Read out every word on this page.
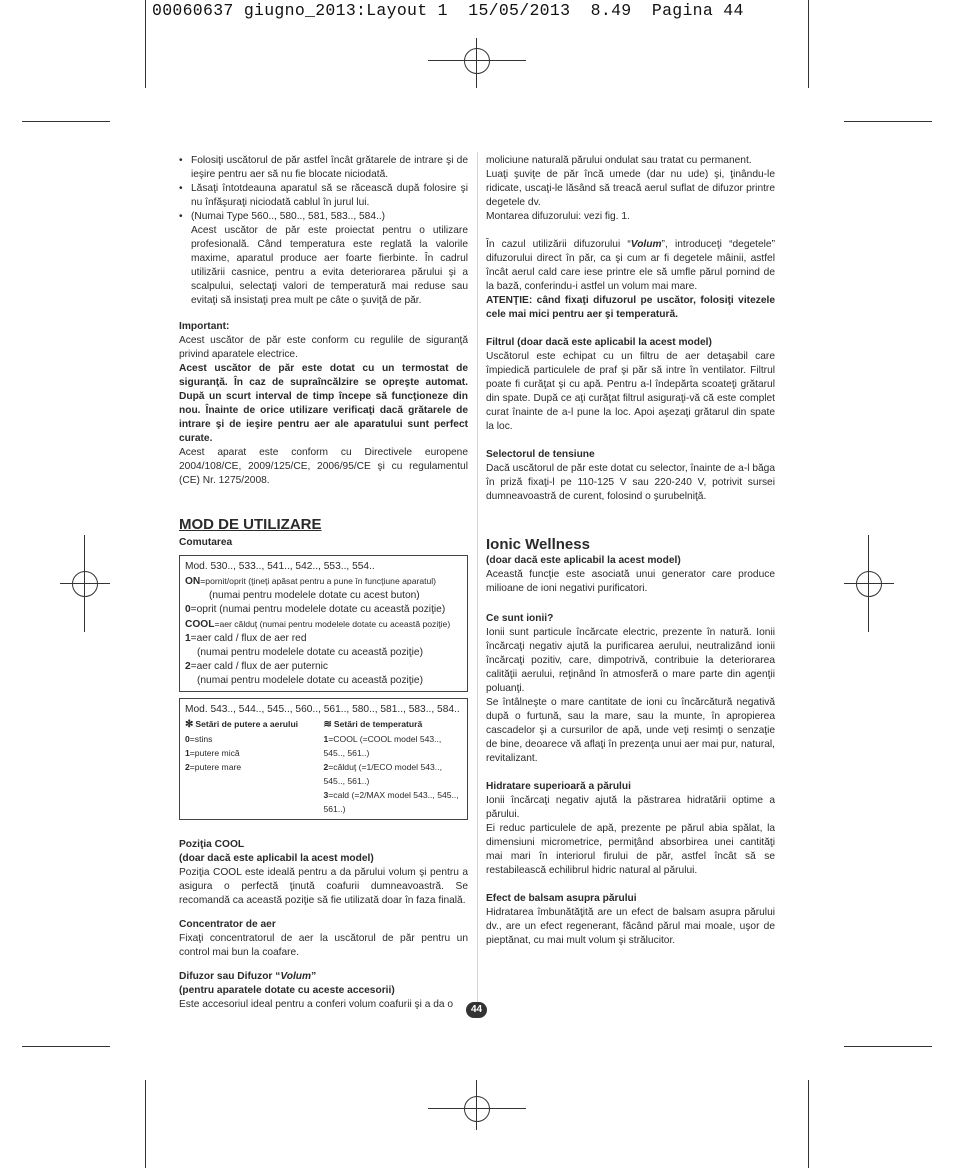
00060637 giugno_2013:Layout 1  15/05/2013  8.49  Pagina 44
• Folosiţi uscătorul de păr astfel încât grătarele de intrare şi de ieşire pentru aer să nu fie blocate niciodată.
• Lăsaţi întotdeauna aparatul să se răcească după folosire şi nu înfăşuraţi niciodată cablul în jurul lui.
• (Numai Type 560.., 580.., 581, 583.., 584..)
Acest uscător de păr este proiectat pentru o utilizare profesională. Când temperatura este reglată la valorile maxime, aparatul produce aer foarte fierbinte. În cadrul utilizării casnice, pentru a evita deteriorarea părului şi a scalpului, selectaţi valori de temperatură mai reduse sau evitaţi să insistaţi prea mult pe câte o şuviţă de păr.

Important:

Acest uscător de păr este conform cu regulile de siguranţă privind aparatele electrice.

Acest uscător de păr este dotat cu un termostat de siguranţă. În caz de supraîncălzire se opreşte automat. După un scurt interval de timp începe să funcţioneze din nou. Înainte de orice utilizare verificaţi dacă grătarele de intrare şi de ieşire pentru aer ale aparatului sunt perfect curate.

Acest aparat este conform cu Directivele europene 2004/108/CE, 2009/125/CE, 2006/95/CE şi cu regulamentul (CE) Nr. 1275/2008.

MOD DE UTILIZARE

Comutarea

Mod. 530.., 533.., 541.., 542.., 553.., 554..
ON=pornit/oprit (ţineţi apăsat pentru a pune în funcţiune aparatul)
(numai pentru modelele dotate cu acest buton)
0=oprit (numai pentru modelele dotate cu această poziţie)
COOL=aer călduţ (numai pentru modelele dotate cu această poziţie)
1=aer cald / flux de aer red
(numai pentru modelele dotate cu această poziţie)
2=aer cald / flux de aer puternic
(numai pentru modelele dotate cu această poziţie)
Mod. 543.., 544.., 545.., 560.., 561.., 580.., 581.., 583.., 584..
✻ Setări de putere a aerului
0=stins
1=putere mică
2=putere mare
≋ Setări de temperatură
1=COOL (=COOL model 543.., 545.., 561..)
2=călduţ (=1/ECO model 543.., 545.., 561..)
3=cald (=2/MAX model 543.., 545.., 561..)

Poziţia COOL

(doar dacă este aplicabil la acest model)

Poziţia COOL este ideală pentru a da părului volum şi pentru a asigura o perfectă ţinută coafurii dumneavoastră. Se recomandă ca această poziţie să fie utilizată doar în faza finală.

Concentrator de aer

Fixaţi concentratorul de aer la uscătorul de păr pentru un control mai bun la coafare.

Difuzor sau Difuzor “Volum”

(pentru aparatele dotate cu aceste accesorii)

Este accesoriul ideal pentru a conferi volum coafurii şi a da o

moliciune naturală părului ondulat sau tratat cu permanent.

Luaţi şuviţe de păr încă umede (dar nu ude) şi, ţinându-le ridicate, uscaţi-le lăsând să treacă aerul suflat de difuzor printre degetele dv.

Montarea difuzorului: vezi fig. 1.

În cazul utilizării difuzorului “Volum”, introduceţi “degetele” difuzorului direct în păr, ca şi cum ar fi degetele mâinii, astfel încât aerul cald care iese printre ele să umfle părul pornind de la bază, conferindu-i astfel un volum mai mare.

ATENŢIE: când fixaţi difuzorul pe uscător, folosiţi vitezele cele mai mici pentru aer şi temperatură.

Filtrul (doar dacă este aplicabil la acest model)

Uscătorul este echipat cu un filtru de aer detaşabil care împiedică particulele de praf şi păr să intre în ventilator. Filtrul poate fi curăţat şi cu apă. Pentru a-l îndepărta scoateţi grătarul din spate. După ce aţi curăţat filtrul asiguraţi-vă că este complet curat înainte de a-l pune la loc. Apoi aşezaţi grătarul din spate la loc.

Selectorul de tensiune

Dacă uscătorul de păr este dotat cu selector, înainte de a-l băga în priză fixaţi-l pe 110-125 V sau 220-240 V, potrivit sursei dumneavoastră de curent, folosind o şurubelniţă.

Ionic Wellness

(doar dacă este aplicabil la acest model)

Această funcţie este asociată unui generator care produce milioane de ioni negativi purificatori.

Ce sunt ionii?

Ionii sunt particule încărcate electric, prezente în natură. Ionii încărcaţi negativ ajută la purificarea aerului, neutralizând ionii încărcaţi pozitiv, care, dimpotrivă, contribuie la deteriorarea calităţii aerului, reţinând în atmosferă o mare parte din agenţii poluanţi.

Se întâlneşte o mare cantitate de ioni cu încărcătură negativă după o furtună, sau la mare, sau la munte, în apropierea cascadelor şi a cursurilor de apă, unde veţi resimţi o senzaţie de bine, deoarece vă aflaţi în prezenţa unui aer mai pur, natural, revitalizant.

Hidratare superioară a părului

Ionii încărcaţi negativ ajută la păstrarea hidratării optime a părului.

Ei reduc particulele de apă, prezente pe părul abia spălat, la dimensiuni micrometrice, permiţând absorbirea unei cantităţi mai mari în interiorul firului de păr, astfel încât să se restabilească echilibrul hidric natural al părului.

Efect de balsam asupra părului

Hidratarea îmbunătăţită are un efect de balsam asupra părului dv., are un efect regenerant, făcând părul mai moale, uşor de pieptănat, cu mai mult volum şi strălucitor.

44
